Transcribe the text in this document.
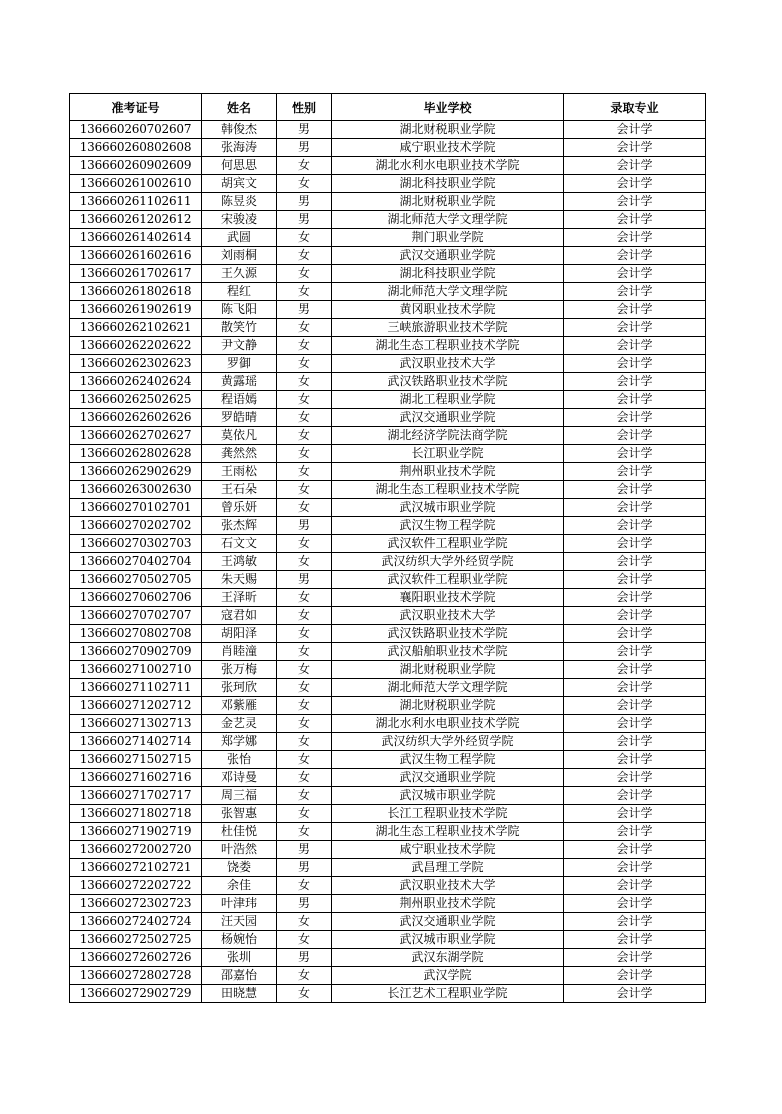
准考证号	姓名	性别	毕业学校	录取专业
136660260702607	韩俊杰	男	湖北财税职业学院	会计学
136660260802608	张海涛	男	咸宁职业技术学院	会计学
136660260902609	何思思	女	湖北水利水电职业技术学院	会计学
136660261002610	胡宾文	女	湖北科技职业学院	会计学
136660261102611	陈昱炎	男	湖北财税职业学院	会计学
136660261202612	宋骏凌	男	湖北师范大学文理学院	会计学
136660261402614	武圆	女	荆门职业学院	会计学
136660261602616	刘雨桐	女	武汉交通职业学院	会计学
136660261702617	王久源	女	湖北科技职业学院	会计学
136660261802618	程红	女	湖北师范大学文理学院	会计学
136660261902619	陈飞阳	男	黄冈职业技术学院	会计学
136660262102621	散笑竹	女	三峡旅游职业技术学院	会计学
136660262202622	尹文静	女	湖北生态工程职业技术学院	会计学
136660262302623	罗御	女	武汉职业技术大学	会计学
136660262402624	黄露瑶	女	武汉铁路职业技术学院	会计学
136660262502625	程语嫣	女	湖北工程职业学院	会计学
136660262602626	罗皓晴	女	武汉交通职业学院	会计学
136660262702627	莫依凡	女	湖北经济学院法商学院	会计学
136660262802628	龚然然	女	长江职业学院	会计学
136660262902629	王雨松	女	荆州职业技术学院	会计学
136660263002630	王石朵	女	湖北生态工程职业技术学院	会计学
136660270102701	曾乐妍	女	武汉城市职业学院	会计学
136660270202702	张杰辉	男	武汉生物工程学院	会计学
136660270302703	石文文	女	武汉软件工程职业学院	会计学
136660270402704	王鸿敏	女	武汉纺织大学外经贸学院	会计学
136660270502705	朱天赐	男	武汉软件工程职业学院	会计学
136660270602706	王泽昕	女	襄阳职业技术学院	会计学
136660270702707	寇君如	女	武汉职业技术大学	会计学
136660270802708	胡阳泽	女	武汉铁路职业技术学院	会计学
136660270902709	肖睦潼	女	武汉船舶职业技术学院	会计学
136660271002710	张万梅	女	湖北财税职业学院	会计学
136660271102711	张珂欣	女	湖北师范大学文理学院	会计学
136660271202712	邓紫雁	女	湖北财税职业学院	会计学
136660271302713	金艺灵	女	湖北水利水电职业技术学院	会计学
136660271402714	郑学娜	女	武汉纺织大学外经贸学院	会计学
136660271502715	张怡	女	武汉生物工程学院	会计学
136660271602716	邓诗曼	女	武汉交通职业学院	会计学
136660271702717	周三福	女	武汉城市职业学院	会计学
136660271802718	张智惠	女	长江工程职业技术学院	会计学
136660271902719	杜佳悦	女	湖北生态工程职业技术学院	会计学
136660272002720	叶浩然	男	咸宁职业技术学院	会计学
136660272102721	饶娄	男	武昌理工学院	会计学
136660272202722	余佳	女	武汉职业技术大学	会计学
136660272302723	叶津玮	男	荆州职业技术学院	会计学
136660272402724	汪天园	女	武汉交通职业学院	会计学
136660272502725	杨婉怡	女	武汉城市职业学院	会计学
136660272602726	张圳	男	武汉东湖学院	会计学
136660272802728	邵嘉怡	女	武汉学院	会计学
136660272902729	田晓慧	女	长江艺术工程职业学院	会计学
